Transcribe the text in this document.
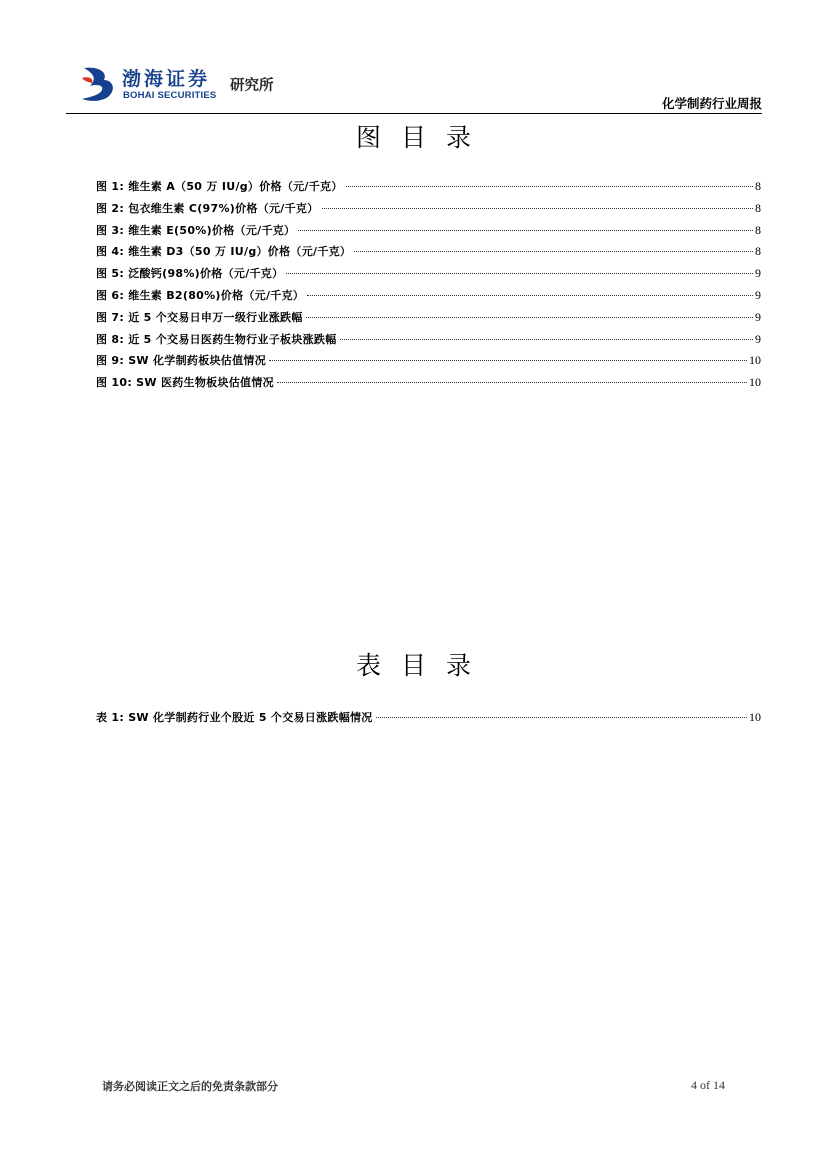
渤海证券
BOHAI SECURITIES
研究所
化学制药行业周报
图目录
图 1: 维生素 A（50 万 IU/g）价格（元/千克）	8
图 2: 包衣维生素 C(97%)价格（元/千克）	8
图 3: 维生素 E(50%)价格（元/千克）	8
图 4: 维生素 D3（50 万 IU/g）价格（元/千克）	8
图 5: 泛酸钙(98%)价格（元/千克）	9
图 6: 维生素 B2(80%)价格（元/千克）	9
图 7: 近 5 个交易日申万一级行业涨跌幅	9
图 8: 近 5 个交易日医药生物行业子板块涨跌幅	9
图 9: SW 化学制药板块估值情况	10
图 10: SW 医药生物板块估值情况	10
表目录
表 1: SW 化学制药行业个股近 5 个交易日涨跌幅情况	10
请务必阅读正文之后的免责条款部分	4 of 14
